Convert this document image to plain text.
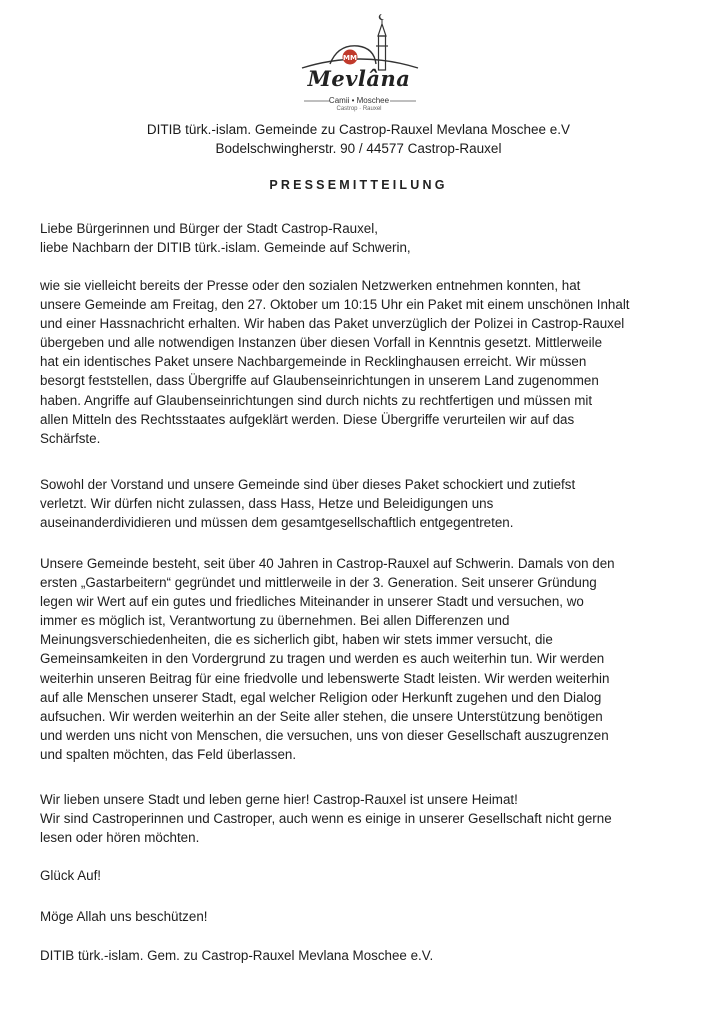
MM
Mevlâna
Camii • Moschee
Castrop · Rauxel
DITIB türk.-islam. Gemeinde zu Castrop-Rauxel Mevlana Moschee e.V
Bodelschwingherstr. 90 / 44577 Castrop-Rauxel
PRESSEMITTEILUNG

Liebe Bürgerinnen und Bürger der Stadt Castrop-Rauxel,
liebe Nachbarn der DITIB türk.-islam. Gemeinde auf Schwerin,

wie sie vielleicht bereits der Presse oder den sozialen Netzwerken entnehmen konnten, hat
unsere Gemeinde am Freitag, den 27. Oktober um 10:15 Uhr ein Paket mit einem unschönen Inhalt
und einer Hassnachricht erhalten. Wir haben das Paket unverzüglich der Polizei in Castrop-Rauxel
übergeben und alle notwendigen Instanzen über diesen Vorfall in Kenntnis gesetzt. Mittlerweile
hat ein identisches Paket unsere Nachbargemeinde in Recklinghausen erreicht. Wir müssen
besorgt feststellen, dass Übergriffe auf Glaubenseinrichtungen in unserem Land zugenommen
haben. Angriffe auf Glaubenseinrichtungen sind durch nichts zu rechtfertigen und müssen mit
allen Mitteln des Rechtsstaates aufgeklärt werden. Diese Übergriffe verurteilen wir auf das
Schärfste.

Sowohl der Vorstand und unsere Gemeinde sind über dieses Paket schockiert und zutiefst
verletzt. Wir dürfen nicht zulassen, dass Hass, Hetze und Beleidigungen uns
auseinanderdividieren und müssen dem gesamtgesellschaftlich entgegentreten.

Unsere Gemeinde besteht, seit über 40 Jahren in Castrop-Rauxel auf Schwerin. Damals von den
ersten „Gastarbeitern“ gegründet und mittlerweile in der 3. Generation. Seit unserer Gründung
legen wir Wert auf ein gutes und friedliches Miteinander in unserer Stadt und versuchen, wo
immer es möglich ist, Verantwortung zu übernehmen. Bei allen Differenzen und
Meinungsverschiedenheiten, die es sicherlich gibt, haben wir stets immer versucht, die
Gemeinsamkeiten in den Vordergrund zu tragen und werden es auch weiterhin tun. Wir werden
weiterhin unseren Beitrag für eine friedvolle und lebenswerte Stadt leisten. Wir werden weiterhin
auf alle Menschen unserer Stadt, egal welcher Religion oder Herkunft zugehen und den Dialog
aufsuchen. Wir werden weiterhin an der Seite aller stehen, die unsere Unterstützung benötigen
und werden uns nicht von Menschen, die versuchen, uns von dieser Gesellschaft auszugrenzen
und spalten möchten, das Feld überlassen.

Wir lieben unsere Stadt und leben gerne hier! Castrop-Rauxel ist unsere Heimat!
Wir sind Castroperinnen und Castroper, auch wenn es einige in unserer Gesellschaft nicht gerne
lesen oder hören möchten.

Glück Auf!

Möge Allah uns beschützen!

DITIB türk.-islam. Gem. zu Castrop-Rauxel Mevlana Moschee e.V.
